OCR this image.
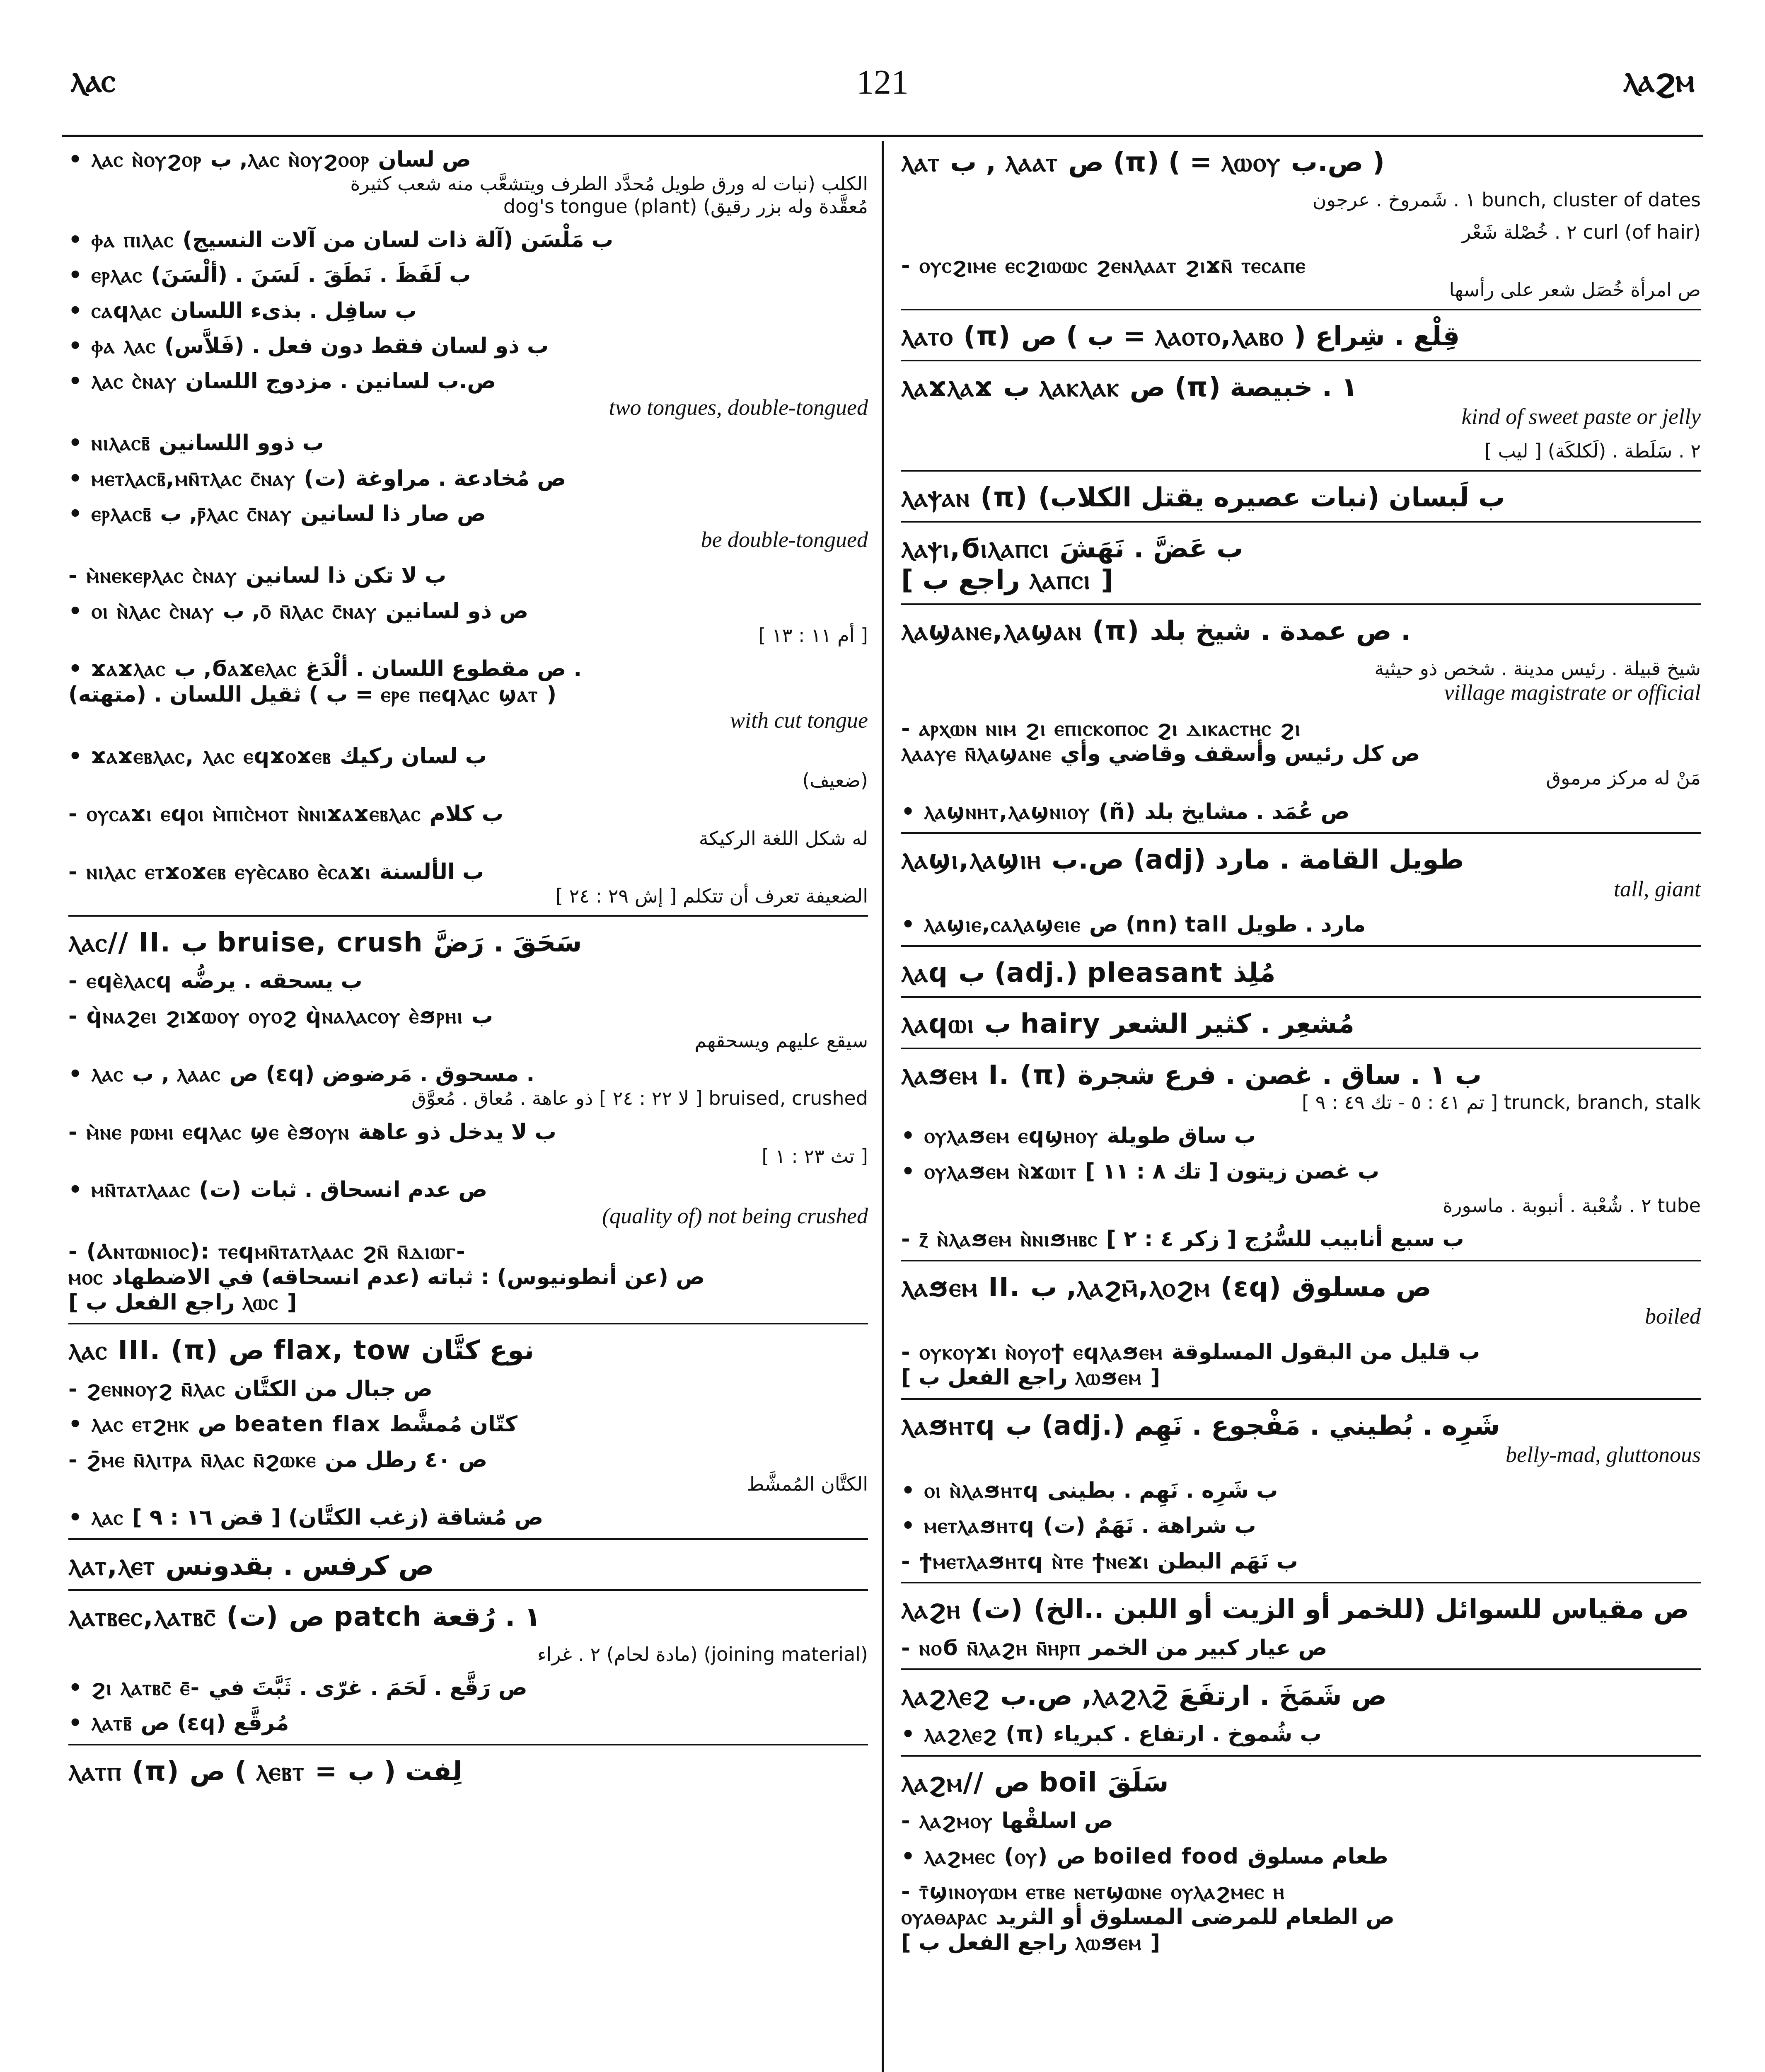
ⲗⲁⲥ	121	ⲗⲁϩⲙ
• ⲗⲁⲥ ⲛ̀ⲟⲩϩⲟⲣ ب ,ⲗⲁⲥ ⲛ̀ⲟⲩϩⲟⲟⲣ ص لسان
الكلب (نبات له ورق طويل مُحدَّد الطرف ويتشعَّب منه شعب كثيرة
مُعقَّدة وله بزر رقيق) dog's tongue (plant)
• ⲫⲁ ⲡⲓⲗⲁⲥ ب مَلْسَن (آلة ذات لسان من آلات النسيج)
• ⲉⲣⲗⲁⲥ ب لَفَظَ . نَطَقَ . لَسَنَ . (ألْسَنَ)
• ⲥⲁϥⲗⲁⲥ ب سافِل . بذىء اللسان
• ⲫⲁ ⲗⲁⲥ ب ذو لسان فقط دون فعل . (فَلاَّس)
• ⲗⲁⲥ ⲥ̀ⲛⲁⲩ ص.ب لسانين . مزدوج اللسان
two tongues, double-tongued
• ⲛⲓⲗⲁⲥⲃ̄ ب ذوو اللسانين
• ⲙⲉⲧⲗⲁⲥⲃ̄,ⲙⲛ̄ⲧⲗⲁⲥ ⲥ̄ⲛⲁⲩ (ت) ص مُخادعة . مراوغة
• ⲉⲣⲗⲁⲥⲃ̄ ب ,ⲣ̄ⲗⲁⲥ ⲥ̄ⲛⲁⲩ ص صار ذا لسانين
be double-tongued
- ⲙ̀ⲛⲉⲕⲉⲣⲗⲁⲥ ⲥ̀ⲛⲁⲩ ب لا تكن ذا لسانين
• ⲟⲓ ⲛ̀ⲗⲁⲥ ⲥ̀ⲛⲁⲩ ب ,ⲟ̄ ⲛ̄ⲗⲁⲥ ⲥ̄ⲛⲁⲩ ص ذو لسانين
[ أم ١١ : ١٣ ]
• ϫⲁϫⲗⲁⲥ ب ,ϭⲁϫⲉⲗⲁⲥ ص مقطوع اللسان . ألْدَغ .
ثقيل اللسان . (متهته) ( ب = ⲉⲣⲉ ⲡⲉϥⲗⲁⲥ ϣⲁⲧ )
with cut tongue
• ϫⲁϫⲉⲃⲗⲁⲥ, ⲗⲁⲥ ⲉϥϫⲟϫⲉⲃ ب لسان ركيك
(ضعيف)
- ⲟⲩⲥⲁϫⲓ ⲉϥⲟⲓ ⲙ̀ⲡⲓⲥ̀ⲙⲟⲧ ⲛ̀ⲛⲓϫⲁϫⲉⲃⲗⲁⲥ ب كلام
له شكل اللغة الركيكة
- ⲛⲓⲗⲁⲥ ⲉⲧϫⲟϫⲉⲃ ⲉⲩⲉ̀ⲥⲁⲃⲟ ⲉ̀ⲥⲁϫⲓ ب الألسنة
الضعيفة تعرف أن تتكلم [ إش ٢٩ : ٢٤ ]
ⲗⲁⲥ// II. ب bruise, crush سَحَقَ . رَضَّ
- ⲉϥⲉ̀ⲗⲁⲥϥ ب يسحقه . يرضُّه
- ϥ̀ⲛⲁϩⲉⲓ ϩⲓϫⲱⲟⲩ ⲟⲩⲟϩ ϥ̀ⲛⲁⲗⲁⲥⲟⲩ ⲉ̀ϧⲣⲏⲓ ب
سيقع عليهم ويسحقهم
• ⲗⲁⲥ ب , ⲗⲁⲁⲥ ص (εϥ) مسحوق . مَرضوض .
bruised, crushed [ لا ٢٢ : ٢٤ ] ذو عاهة . مُعاق . مُعوَّق
- ⲙ̀ⲛⲉ ⲣⲱⲙⲓ ⲉϥⲗⲁⲥ ϣⲉ ⲉ̀ϧⲟⲩⲛ ب لا يدخل ذو عاهة
[ تث ٢٣ : ١ ]
• ⲙⲛ̄ⲧⲁⲧⲗⲁⲁⲥ (ت) ص عدم انسحاق . ثبات
(quality of) not being crushed
- (Ⲁⲛⲧⲱⲛⲓⲟⲥ): ⲧⲉϥⲙⲛ̄ⲧⲁⲧⲗⲁⲁⲥ ϩⲛ̄ ⲛ̄ⲇⲓⲱⲅ-
ⲙⲟⲥ ص (عن أنطونيوس) : ثباته (عدم انسحاقه) في الاضطهاد
[ راجع الفعل ب ⲗⲱⲥ ]
ⲗⲁⲥ III. (π) ص flax, tow نوع كتَّان
- ϩⲉⲛⲛⲟⲩϩ ⲛ̄ⲗⲁⲥ ص جبال من الكتَّان
• ⲗⲁⲥ ⲉⲧϩⲏⲕ ص beaten flax كتّان مُمشَّط
- ϩ̄ⲙⲉ ⲛ̄ⲗⲓⲧⲣⲁ ⲛ̄ⲗⲁⲥ ⲛ̄ϩⲱⲕⲉ ص ٤٠ رطل من
الكتَّان المُمشَّط
• ⲗⲁⲥ ص مُشاقة (زغب الكتَّان) [ قض ١٦ : ٩ ]
ⲗⲁⲧ,ⲗⲉⲧ ص كرفس . بقدونس
ⲗⲁⲧⲃⲉⲥ,ⲗⲁⲧⲃⲥ̄ (ت) ص patch ١ . رُقعة
(joining material) (مادة لحام) ٢ . غراء
• ϩⲓ ⲗⲁⲧⲃⲥ̄ ⲉ̄- ص رَقَّع . لَحَمَ . غرّى . ثَبَّتَ في
• ⲗⲁⲧⲃ̄ ص (εϥ) مُرقَّع
ⲗⲁⲧⲡ (π) ص ( ⲗⲉⲃⲧ = ب ) لِفت
ⲗⲁⲧ ب , ⲗⲁⲁⲧ ص (π) ( = ⲗⲱⲟⲩ ص.ب )
bunch, cluster of dates ١ . شَمروخ . عرجون
curl (of hair) ٢ . خُصْلة شَعْر
- ⲟⲩⲥϩⲓⲙⲉ ⲉⲥϩⲓⲱⲱⲥ ϩⲉⲛⲗⲁⲁⲧ ϩⲓϫⲛ̄ ⲧⲉⲥⲁⲡⲉ
ص امرأة خُصَل شعر على رأسها
ⲗⲁⲧⲟ (π) ص ( ب = ⲗⲁⲟⲧⲟ,ⲗⲁⲃⲟ ) قِلْع . شِراع
ⲗⲁϫⲗⲁϫ ب ⲗⲁⲕⲗⲁⲕ ص (π) ١ . خبيصة
kind of sweet paste or jelly
٢ . سَلَطة . (لَكلكَة) [ ليب ]
ⲗⲁⲯⲁⲛ (π) ب لَبسان (نبات عصيره يقتل الكلاب)
ⲗⲁⲯⲓ,ϭⲓⲗⲁⲡⲥⲓ ب عَضَّ . نَهَشَ
[ راجع ب ⲗⲁⲡⲥⲓ ]
ⲗⲁϣⲁⲛⲉ,ⲗⲁϣⲁⲛ (π) ص عمدة . شيخ بلد .
شيخ قبيلة . رئيس مدينة . شخص ذو حيثية
village magistrate or official
- ⲁⲣⲭⲱⲛ ⲛⲓⲙ ϩⲓ ⲉⲡⲓⲥⲕⲟⲡⲟⲥ ϩⲓ ⲇⲓⲕⲁⲥⲧⲏⲥ ϩⲓ
ⲗⲁⲁⲩⲉ ⲛ̄ⲗⲁϣⲁⲛⲉ ص كل رئيس وأسقف وقاضي وأي
مَنْ له مركز مرموق
• ⲗⲁϣⲛⲏⲧ,ⲗⲁϣⲛⲓⲟⲩ (ñ) ص عُمَد . مشايخ بلد
ⲗⲁϣⲓ,ⲗⲁϣⲓⲏ ص.ب (adj) طويل القامة . مارد
tall, giant
• ⲗⲁϣⲓⲉ,ⲥⲁⲗⲁϣⲉⲓⲉ ص (nn) tall مارد . طويل
ⲗⲁϥ ب (adj.) pleasant مُلِذ
ⲗⲁϥⲱⲓ ب hairy مُشعِر . كثير الشعر
ⲗⲁϧⲉⲙ I. (π) ب ١ . ساق . غصن . فرع شجرة
trunck, branch, stalk [ تم ٤١ : ٥ - تك ٤٩ : ٩ ]
• ⲟⲩⲗⲁϧⲉⲙ ⲉϥϣⲏⲟⲩ ب ساق طويلة
• ⲟⲩⲗⲁϧⲉⲙ ⲛ̀ϫⲱⲓⲧ ب غصن زيتون [ تك ٨ : ١١ ]
tube ٢ . شُعْبة . أنبوبة . ماسورة
- ⲍ̄ ⲛ̀ⲗⲁϧⲉⲙ ⲛ̀ⲛⲓϧⲏⲃⲥ ب سبع أنابيب للسُّرُج [ زكر ٤ : ٢ ]
ⲗⲁϧⲉⲙ II. ب ,ⲗⲁϩⲙ̄,ⲗⲟϩⲙ (εϥ) ص مسلوق
boiled
- ⲟⲩⲕⲟⲩϫⲓ ⲛ̀ⲟⲩⲟϯ ⲉϥⲗⲁϧⲉⲙ ب قليل من البقول المسلوقة
[ راجع الفعل ب ⲗⲱϧⲉⲙ ]
ⲗⲁϧⲏⲧϥ ب (adj.) شَرِه . بُطيني . مَفْجوع . نَهِم
belly-mad, gluttonous
• ⲟⲓ ⲛ̀ⲗⲁϧⲏⲧϥ ب شَرِه . نَهِم . بطينى
• ⲙⲉⲧⲗⲁϧⲏⲧϥ (ت) ب شراهة . نَهَمٌ
- ϯⲙⲉⲧⲗⲁϧⲏⲧϥ ⲛ̀ⲧⲉ ϯⲛⲉϫⲓ ب نَهَم البطن
ⲗⲁϩⲏ (ت) ص مقياس للسوائل (للخمر أو الزيت أو اللبن ..الخ)
- ⲛⲟϭ ⲛ̄ⲗⲁϩⲏ ⲛ̄ⲏⲣⲡ ص عيار كبير من الخمر
ⲗⲁϩⲗⲉϩ ص.ب ,ⲗⲁϩⲗϩ̄ ص شَمَخَ . ارتفَعَ
• ⲗⲁϩⲗⲉϩ (π) ب شُموخ . ارتفاع . كبرياء
ⲗⲁϩⲙ// ص boil سَلَقَ
- ⲗⲁϩⲙⲟⲩ ص اسلقْها
• ⲗⲁϩⲙⲉⲥ (ⲟⲩ) ص boiled food طعام مسلوق
- ⲧ̄ϣⲓⲛⲟⲩⲱⲙ ⲉⲧⲃⲉ ⲛⲉⲧϣⲱⲛⲉ ⲟⲩⲗⲁϩⲙⲉⲥ ⲏ
ⲟⲩⲁⲑⲁⲣⲁⲥ ص الطعام للمرضى المسلوق أو الثريد
[ راجع الفعل ب ⲗⲱϧⲉⲙ ]
